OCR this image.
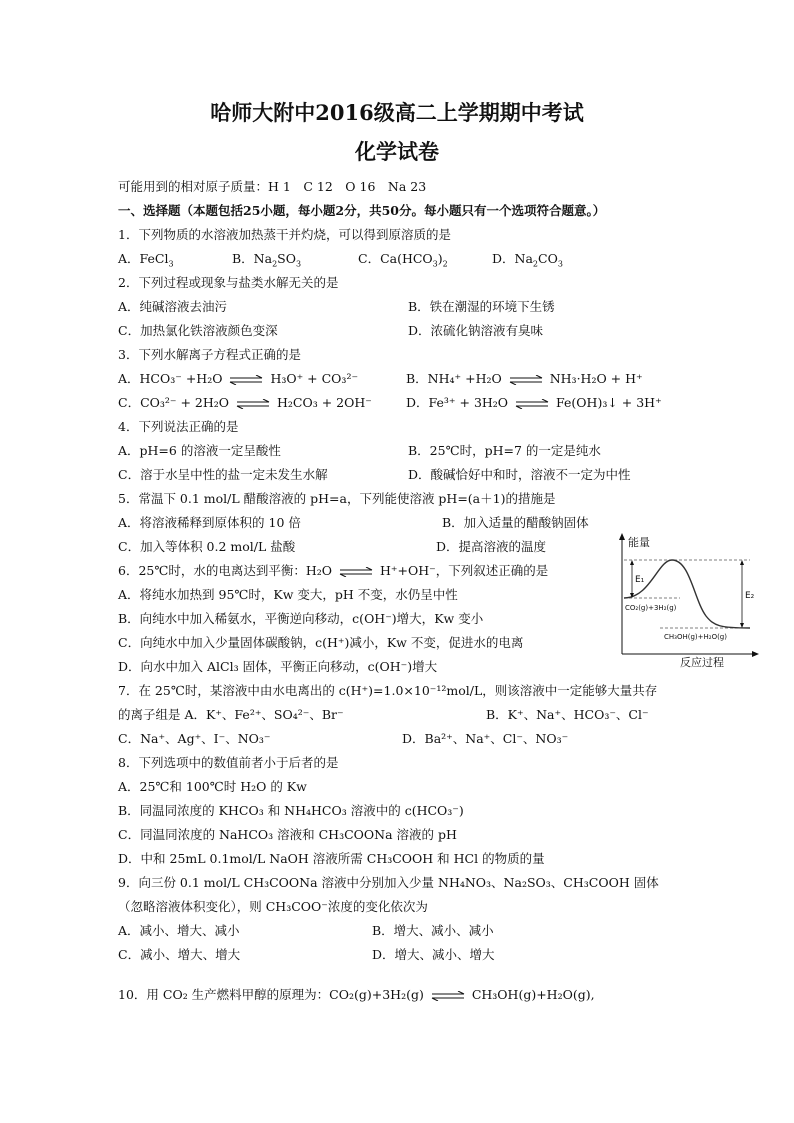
哈师大附中2016级高二上学期期中考试
化学试卷
可能用到的相对原子质量：H 1　C 12　O 16　Na 23
一、选择题（本题包括25小题，每小题2分，共50分。每小题只有一个选项符合题意。）
1．下列物质的水溶液加热蒸干并灼烧，可以得到原溶质的是
A．FeCl$_3$	B．$Na_2SO_3$	C．$Ca(HCO_3)_2$	D．$Na_2CO_3$
2．下列过程或现象与盐类水解无关的是
A．纯碱溶液去油污	B．铁在潮湿的环境下生锈
C．加热氯化铁溶液颜色变深	D．浓硫化钠溶液有臭味
3．下列水解离子方程式正确的是
A．HCO₃⁻ +H₂O ⇌ H₃O⁺ + CO₃²⁻	B．NH₄⁺ +H₂O ⇌ NH₃·H₂O + H⁺
C．CO₃²⁻ + 2H₂O ⇌ H₂CO₃ + 2OH⁻	D．Fe³⁺ + 3H₂O ⇌ Fe(OH)₃↓ + 3H⁺
4．下列说法正确的是
A．pH=6 的溶液一定呈酸性	B．25℃时，pH=7 的一定是纯水
C．溶于水呈中性的盐一定未发生水解	D．酸碱恰好中和时，溶液不一定为中性
5．常温下 0.1 mol/L 醋酸溶液的 pH=a，下列能使溶液 pH=(a＋1)的措施是
A．将溶液稀释到原体积的 10 倍	B．加入适量的醋酸钠固体
C．加入等体积 0.2 mol/L 盐酸	D．提高溶液的温度
6．25℃时，水的电离达到平衡：H₂O ⇌ H⁺+OH⁻，下列叙述正确的是
A．将纯水加热到 95℃时，Kw 变大，pH 不变，水仍呈中性
B．向纯水中加入稀氨水，平衡逆向移动，c(OH⁻)增大，Kw 变小
C．向纯水中加入少量固体碳酸钠，c(H⁺)减小，Kw 不变，促进水的电离
D．向水中加入 AlCl₃ 固体，平衡正向移动，c(OH⁻)增大
能量
反应过程
E₁
E₂
CO₂(g)+3H₂(g)
CH₃OH(g)+H₂O(g)
7．在 25℃时，某溶液中由水电离出的 c(H⁺)=1.0×10⁻¹²mol/L，则该溶液中一定能够大量共存
的离子组是 A．K⁺、Fe²⁺、SO₄²⁻、Br⁻	B．K⁺、Na⁺、HCO₃⁻、Cl⁻
C．Na⁺、Ag⁺、I⁻、NO₃⁻	D．Ba²⁺、Na⁺、Cl⁻、NO₃⁻
8．下列选项中的数值前者小于后者的是
A．25℃和 100℃时 H₂O 的 Kw
B．同温同浓度的 KHCO₃ 和 NH₄HCO₃ 溶液中的 c(HCO₃⁻)
C．同温同浓度的 NaHCO₃ 溶液和 CH₃COONa 溶液的 pH
D．中和 25mL 0.1mol/L NaOH 溶液所需 CH₃COOH 和 HCl 的物质的量
9．向三份 0.1 mol/L CH₃COONa 溶液中分别加入少量 NH₄NO₃、Na₂SO₃、CH₃COOH 固体
（忽略溶液体积变化），则 CH₃COO⁻浓度的变化依次为
A．减小、增大、减小	B．增大、减小、减小
C．减小、增大、增大	D．增大、减小、增大
10．用 CO₂ 生产燃料甲醇的原理为：CO₂(g)+3H₂(g) ⇌ CH₃OH(g)+H₂O(g),
